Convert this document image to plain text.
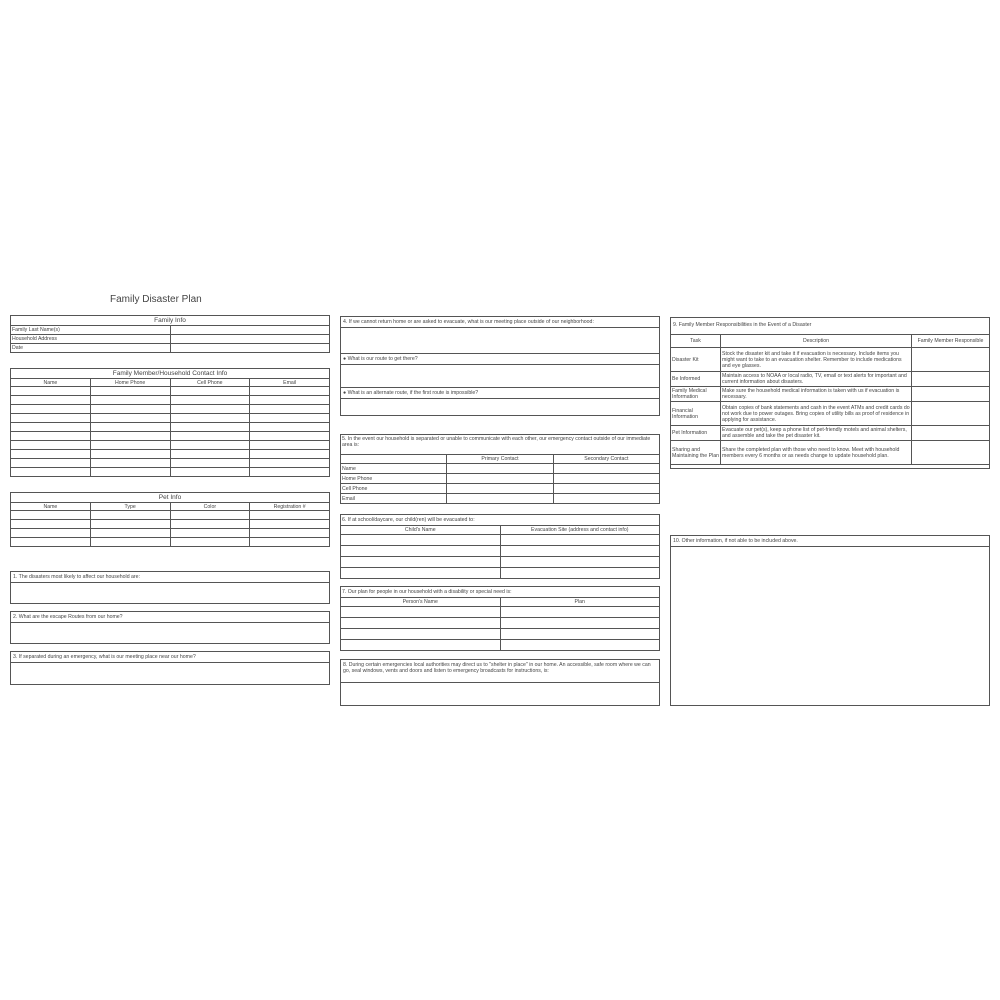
Family Disaster Plan
Family Info	
Family Last Name(s)	
Household Address	
Date	
Family Member/Household Contact Info			
Name	Home Phone	Cell Phone	Email

Pet Info			
Name	Type	Color	Registration #

1. The disasters most likely to affect our household are:
2. What are the escape Routes from our home?
3. If separated during an emergency, what is our meeting place near our home?
4. If we cannot return home or are asked to evacuate, what is our meeting place outside of our neighborhood:
● What is our route to get there?
● What is an alternate route, if the first route is impossible?
5. In the event our household is separated or unable to communicate with each other, our emergency contact outside of our immediate area is:		
	Primary Contact	Secondary Contact
Name		
Home Phone		
Cell Phone		
Email		
6. If at school/daycare, our child(ren) will be evacuated to:	
Child's Name	Evacuation Site (address and contact info)

7. Our plan for people in our household with a disability or special need is:	
Person's Name	Plan

8. During certain emergencies local authorities may direct us to "shelter in place" in our home. An accessible, safe room where we can go, seal windows, vents and doors and listen to emergency broadcasts for instructions, is:
9. Family Member Responsibilities in the Event of a Disaster
Task	Description	Family Member Responsible
Disaster Kit	Stock the disaster kit and take it if evacuation is necessary. Include items you might want to take to an evacuation shelter. Remember to include medications and eye glasses.	
Be Informed	Maintain access to NOAA or local radio, TV, email or text alerts for important and current information about disasters.	
Family Medical Information	Make sure the household medical information is taken with us if evacuation is necessary.	
Financial Information	Obtain copies of bank statements and cash in the event ATMs and credit cards do not work due to power outages. Bring copies of utility bills as proof of residence in applying for assistance.	
Pet Information	Evacuate our pet(s), keep a phone list of pet-friendly motels and animal shelters, and assemble and take the pet disaster kit.	
Sharing and Maintaining the Plan	Share the completed plan with those who need to know. Meet with household members every 6 months or as needs change to update household plan.	
10. Other information, if not able to be included above.
